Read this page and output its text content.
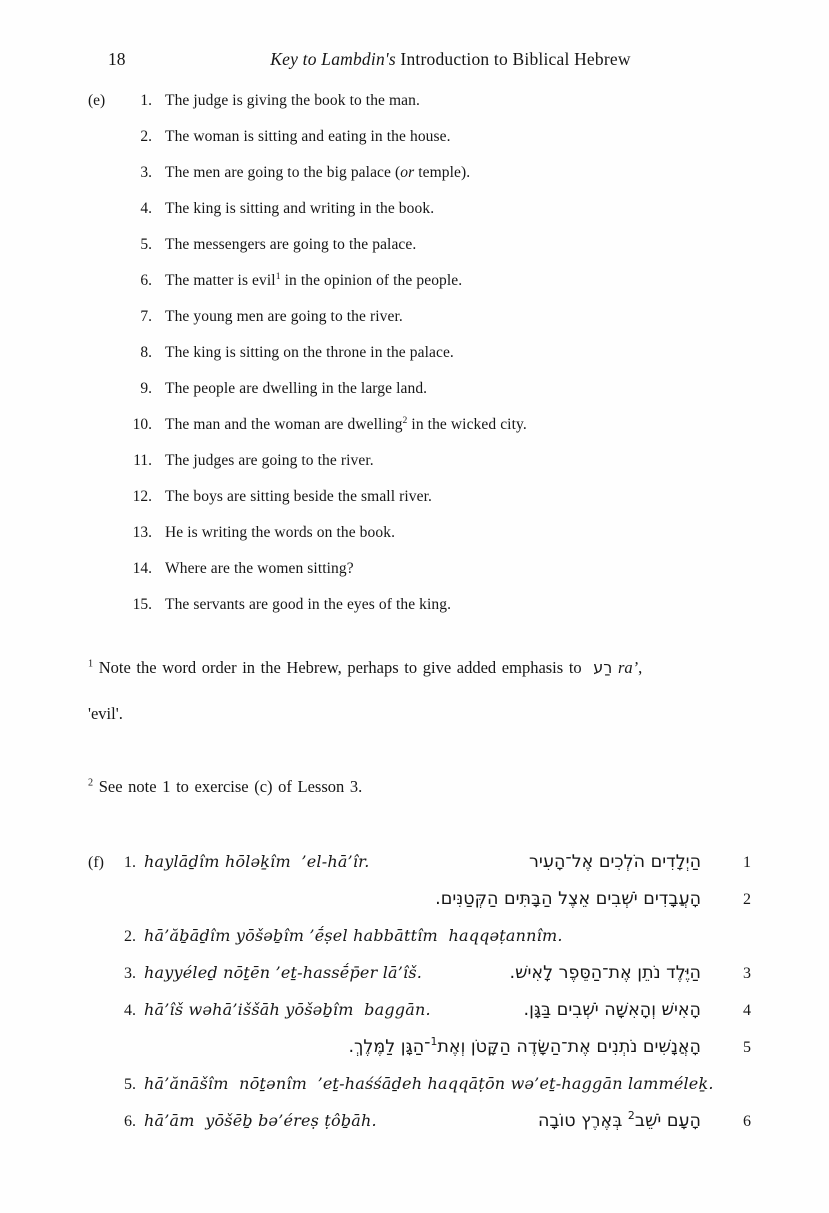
18	Key to Lambdin's Introduction to Biblical Hebrew
(e)	1. The judge is giving the book to the man.
2. The woman is sitting and eating in the house.
3. The men are going to the big palace (or temple).
4. The king is sitting and writing in the book.
5. The messengers are going to the palace.
6. The matter is evil$^1$ in the opinion of the people.
7. The young men are going to the river.
8. The king is sitting on the throne in the palace.
9. The people are dwelling in the large land.
10. The man and the woman are dwelling$^2$ in the wicked city.
11. The judges are going to the river.
12. The boys are sitting beside the small river.
13. He is writing the words on the book.
14. Where are the women sitting?
15. The servants are good in the eyes of the king.
$^1$ Note the word order in the Hebrew, perhaps to give added emphasis to רַע ra’,
'evil'.
$^2$ See note 1 to exercise (c) of Lesson 3.
(f)	1. haylāḏîm hōləḵîm  ’el-hā’îr.	הַיְלָדִים הֹלְכִים אֶל־הָעִיר	1
הָעֲבָדִים יֹשְׁבִים אֵצֶל הַבָּתִּים הַקְּטַנִּים.	2
2. hā’ăḇāḏîm yōšəḇîm ’ḗṣel habbāttîm  haqqəṭannîm.
3. hayyéleḏ nōṯēn ’eṯ-hassḗp̄er lā’îš.	הַיֶּלֶד נֹתֵן אֶת־הַסֵּפֶר לָאִישׁ.	3
4. hā’îš wəhā’iššāh yōšəḇîm  baggān.	הָאִישׁ וְהָאִשָּׁה יֹשְׁבִים בַּגָּן.	4
הָאֲנָשִׁים נֹתְנִים אֶת־הַשָּׂדֶה הַקָּטֹן וְאֶת$^1$־הַגָּן לַמֶּלֶךְ.	5
5. hā’ănāšîm  nōṯənîm  ’eṯ-haśśāḏeh haqqāṭōn wə’eṯ-haggān lamméleḵ.
6. hā’ām  yōšēḇ bə’éreṣ ṭôḇāh.	הָעָם יֹשֵׁב$^2$ בְּאֶרֶץ טוֹבָה	6
